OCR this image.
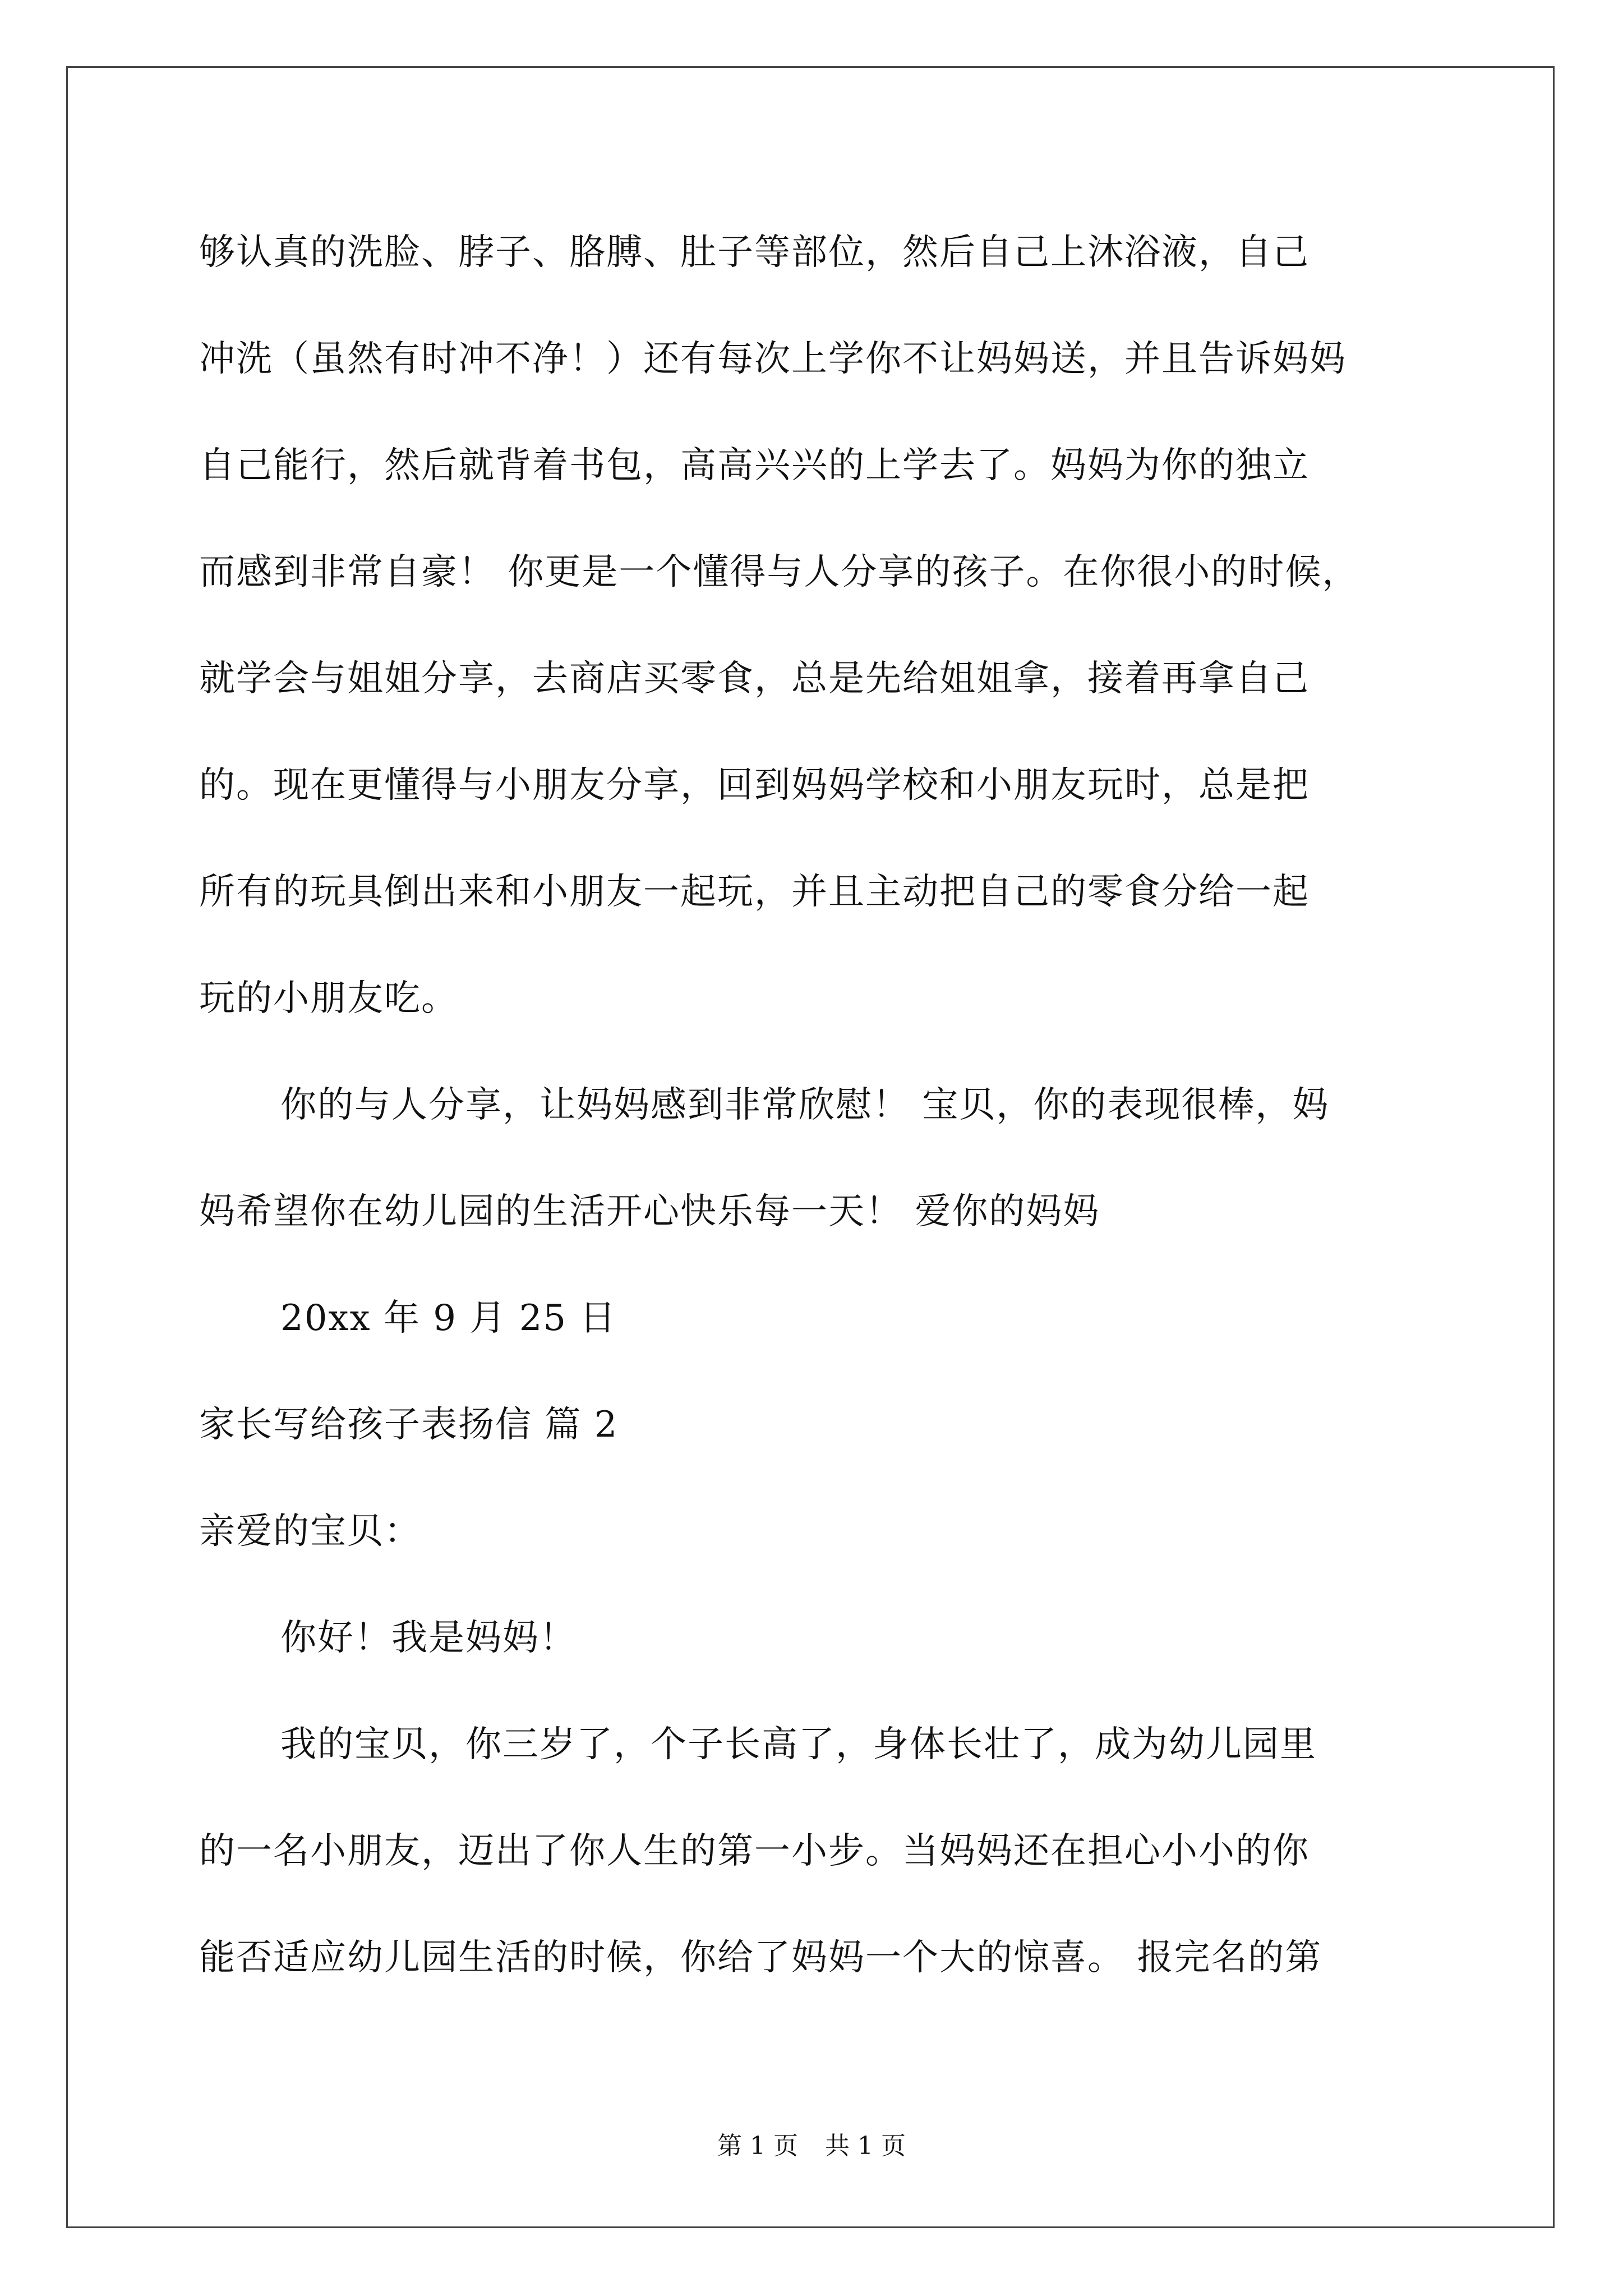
够认真的洗脸、脖子、胳膊、肚子等部位，然后自己上沐浴液，自己
冲洗（虽然有时冲不净！）还有每次上学你不让妈妈送，并且告诉妈妈
自己能行，然后就背着书包，高高兴兴的上学去了。妈妈为你的独立
而感到非常自豪！ 你更是一个懂得与人分享的孩子。在你很小的时候，
就学会与姐姐分享，去商店买零食，总是先给姐姐拿，接着再拿自己
的。现在更懂得与小朋友分享，回到妈妈学校和小朋友玩时，总是把
所有的玩具倒出来和小朋友一起玩，并且主动把自己的零食分给一起
玩的小朋友吃。
你的与人分享，让妈妈感到非常欣慰！ 宝贝，你的表现很棒，妈
妈希望你在幼儿园的生活开心快乐每一天！ 爱你的妈妈
20xx 年 9 月 25 日
家长写给孩子表扬信 篇 2
亲爱的宝贝：
你好！我是妈妈！
我的宝贝，你三岁了，个子长高了，身体长壮了，成为幼儿园里
的一名小朋友，迈出了你人生的第一小步。当妈妈还在担心小小的你
能否适应幼儿园生活的时候，你给了妈妈一个大的惊喜。 报完名的第
第 1 页 共 1 页
